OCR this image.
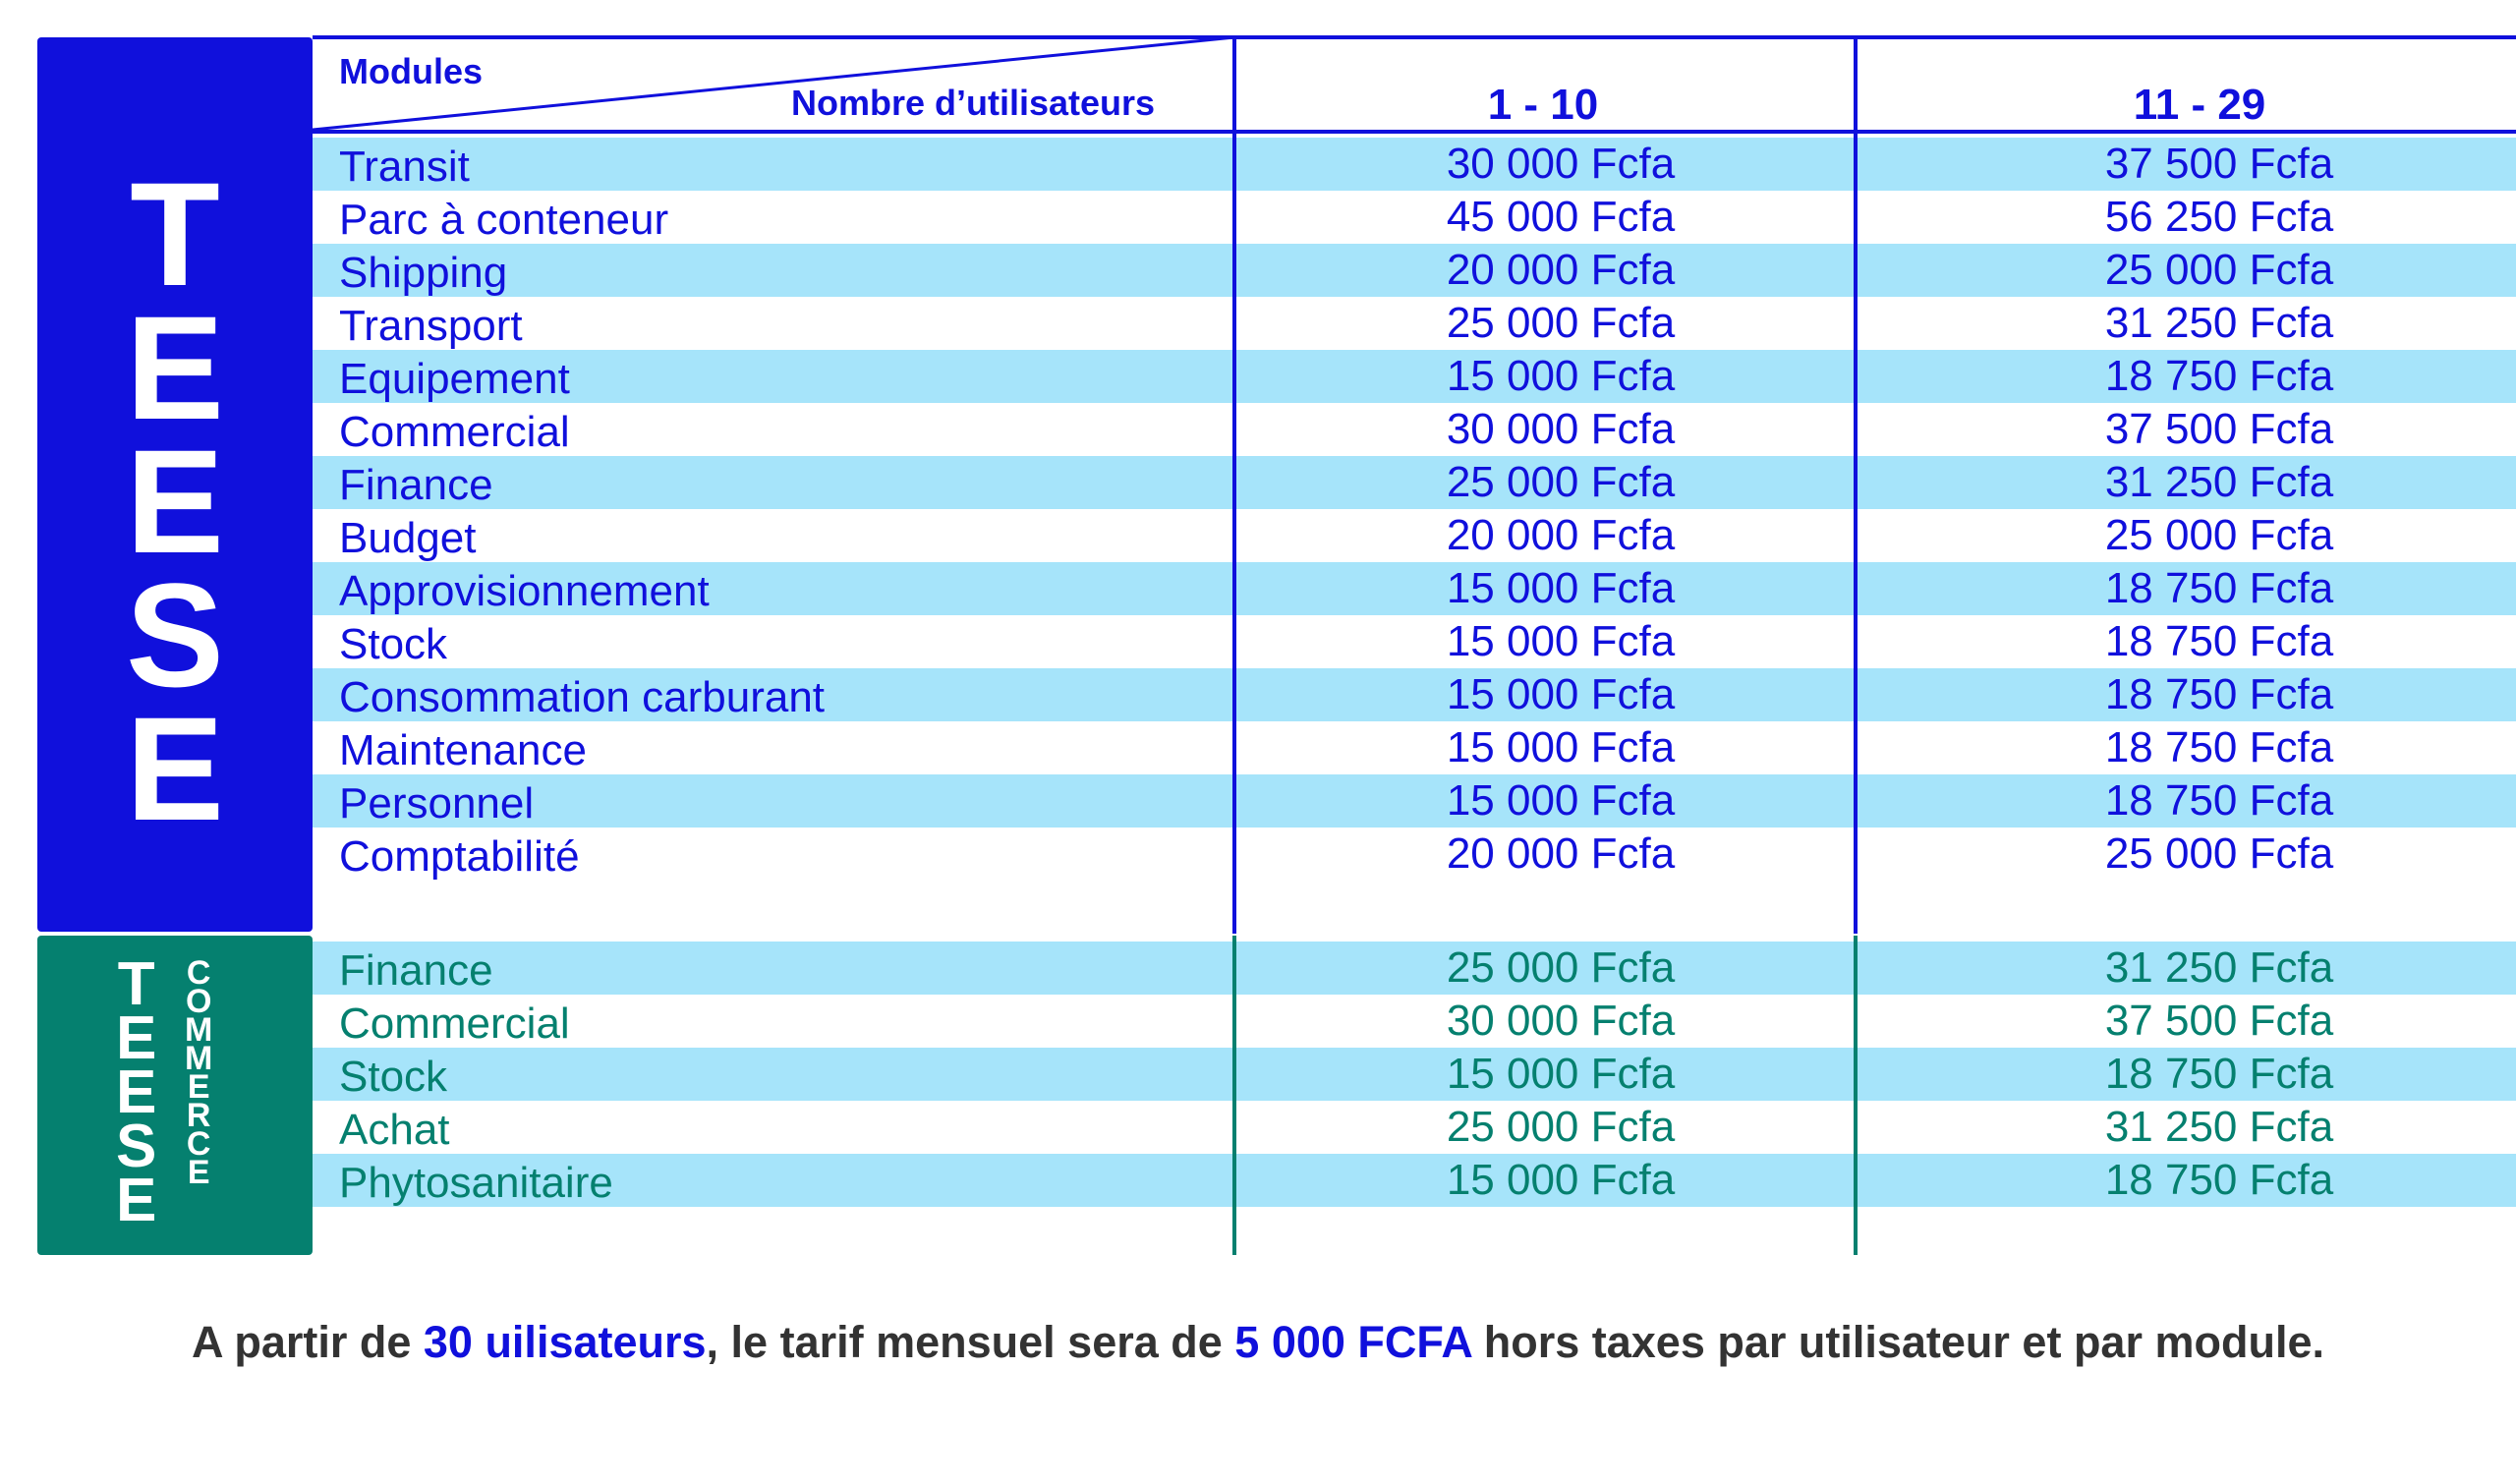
T
E
E
S
E
T
E
E
S
E
C
O
M
M
E
R
C
E
Modules
Nombre d’utilisateurs	1 - 10	11 - 29
Transit	30 000 Fcfa	37 500 Fcfa
Parc à conteneur	45 000 Fcfa	56 250 Fcfa
Shipping	20 000 Fcfa	25 000 Fcfa
Transport	25 000 Fcfa	31 250 Fcfa
Equipement	15 000 Fcfa	18 750 Fcfa
Commercial	30 000 Fcfa	37 500 Fcfa
Finance	25 000 Fcfa	31 250 Fcfa
Budget	20 000 Fcfa	25 000 Fcfa
Approvisionnement	15 000 Fcfa	18 750 Fcfa
Stock	15 000 Fcfa	18 750 Fcfa
Consommation carburant	15 000 Fcfa	18 750 Fcfa
Maintenance	15 000 Fcfa	18 750 Fcfa
Personnel	15 000 Fcfa	18 750 Fcfa
Comptabilité	20 000 Fcfa	25 000 Fcfa
Finance	25 000 Fcfa	31 250 Fcfa
Commercial	30 000 Fcfa	37 500 Fcfa
Stock	15 000 Fcfa	18 750 Fcfa
Achat	25 000 Fcfa	31 250 Fcfa
Phytosanitaire	15 000 Fcfa	18 750 Fcfa
A partir de 30 uilisateurs, le tarif mensuel sera de 5 000 FCFA hors taxes par utilisateur et par module.
